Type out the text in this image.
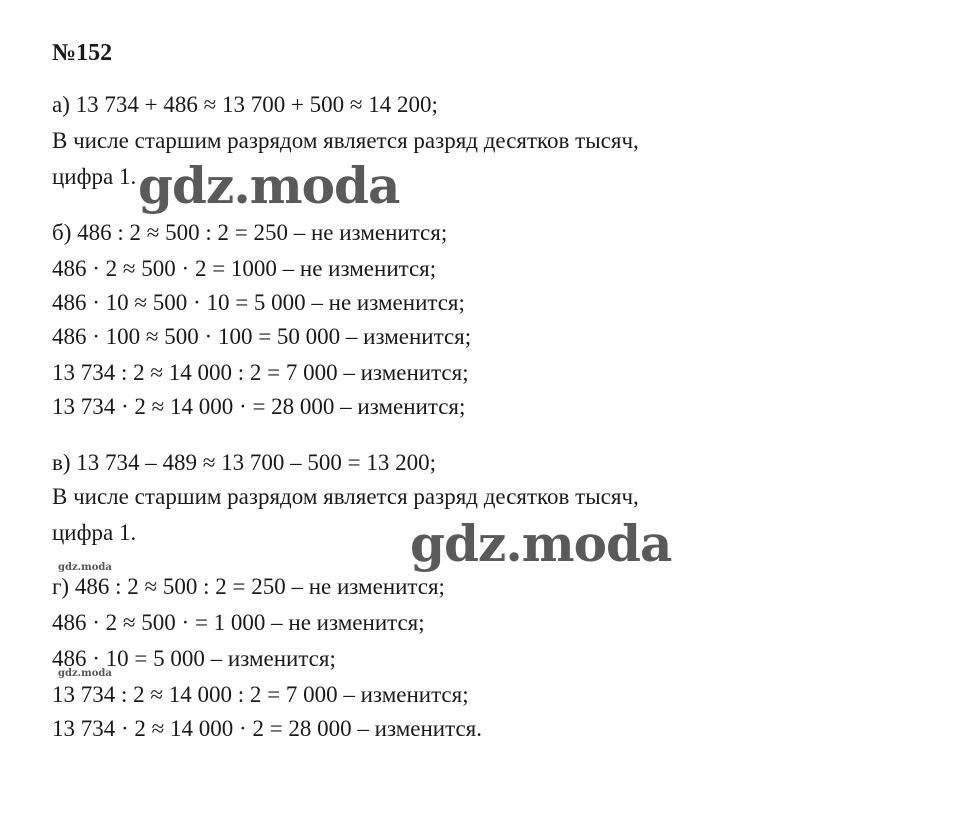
№152
а) 13 734 + 486 ≈ 13 700 + 500 ≈ 14 200;
В числе старшим разрядом является разряд десятков тысяч,
цифра 1.
б) 486 : 2 ≈ 500 : 2 = 250 – не изменится;
486 · 2 ≈ 500 · 2 = 1000 – не изменится;
486 · 10 ≈ 500 · 10 = 5 000 – не изменится;
486 · 100 ≈ 500 · 100 = 50 000 – изменится;
13 734 : 2 ≈ 14 000 : 2 = 7 000 – изменится;
13 734 · 2 ≈ 14 000 · = 28 000 – изменится;
в) 13 734 – 489 ≈ 13 700 – 500 = 13 200;
В числе старшим разрядом является разряд десятков тысяч,
цифра 1.
г) 486 : 2 ≈ 500 : 2 = 250 – не изменится;
486 · 2 ≈ 500 · = 1 000 – не изменится;
486 · 10 = 5 000 – изменится;
13 734 : 2 ≈ 14 000 : 2 = 7 000 – изменится;
13 734 · 2 ≈ 14 000 · 2 = 28 000 – изменится.
gdz.moda
gdz.moda
gdz.moda
gdz.moda
